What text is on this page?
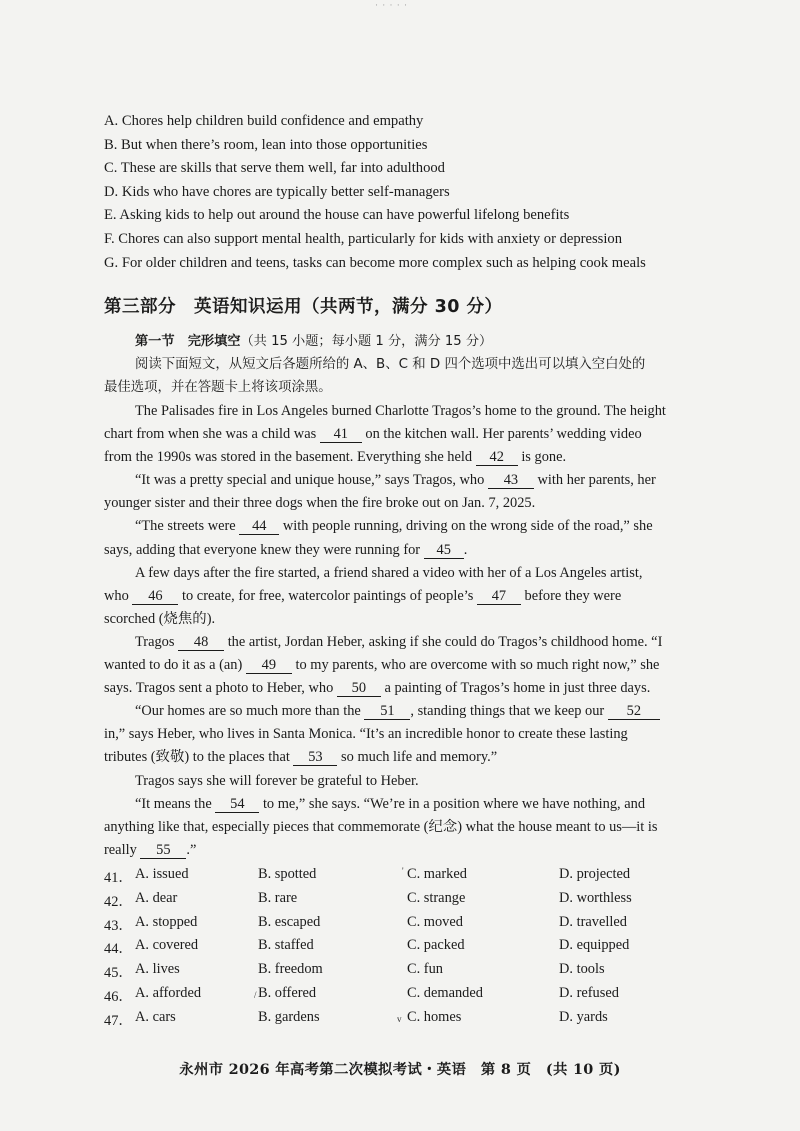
· · · · ·
A. Chores help children build confidence and empathy
B. But when there’s room, lean into those opportunities
C. These are skills that serve them well, far into adulthood
D. Kids who have chores are typically better self-managers
E. Asking kids to help out around the house can have powerful lifelong benefits
F. Chores can also support mental health, particularly for kids with anxiety or depression
G. For older children and teens, tasks can become more complex such as helping cook meals
第三部分　英语知识运用（共两节，满分 30 分）
第一节　完形填空（共 15 小题；每小题 1 分，满分 15 分）
阅读下面短文，从短文后各题所给的 A、B、C 和 D 四个选项中选出可以填入空白处的
最佳选项，并在答题卡上将该项涂黑。
The Palisades fire in Los Angeles burned Charlotte Tragos’s home to the ground. The height
chart from when she was a child was 41 on the kitchen wall. Her parents’ wedding video
from the 1990s was stored in the basement. Everything she held 42 is gone.
“It was a pretty special and unique house,” says Tragos, who 43 with her parents, her
younger sister and their three dogs when the fire broke out on Jan. 7, 2025.
“The streets were 44 with people running, driving on the wrong side of the road,” she
says, adding that everyone knew they were running for 45 .
A few days after the fire started, a friend shared a video with her of a Los Angeles artist,
who 46 to create, for free, watercolor paintings of people’s 47 before they were
scorched (烧焦的).
Tragos 48 the artist, Jordan Heber, asking if she could do Tragos’s childhood home. “I
wanted to do it as a (an) 49 to my parents, who are overcome with so much right now,” she
says. Tragos sent a photo to Heber, who 50 a painting of Tragos’s home in just three days.
“Our homes are so much more than the 51 , standing things that we keep our 52
in,” says Heber, who lives in Santa Monica. “It’s an incredible honor to create these lasting
tributes (致敬) to the places that 53 so much life and memory.”
Tragos says she will forever be grateful to Heber.
“It means the 54 to me,” she says. “We’re in a position where we have nothing, and
anything like that, especially pieces that commemorate (纪念) what the house meant to us—it is
really 55 .”
41． A. issued	B. spotted	C. marked	D. projected
42． A. dear	B. rare	C. strange	D. worthless
43． A. stopped	B. escaped	C. moved	D. travelled
44． A. covered	B. staffed	C. packed	D. equipped
45． A. lives	B. freedom	C. fun	D. tools
46． A. afforded	B. offered	C. demanded	D. refused
47． A. cars	B. gardens	C. homes	D. yards
'
/
v
永州市 2026 年高考第二次模拟考试・英语　第 8 页　(共 10 页)
